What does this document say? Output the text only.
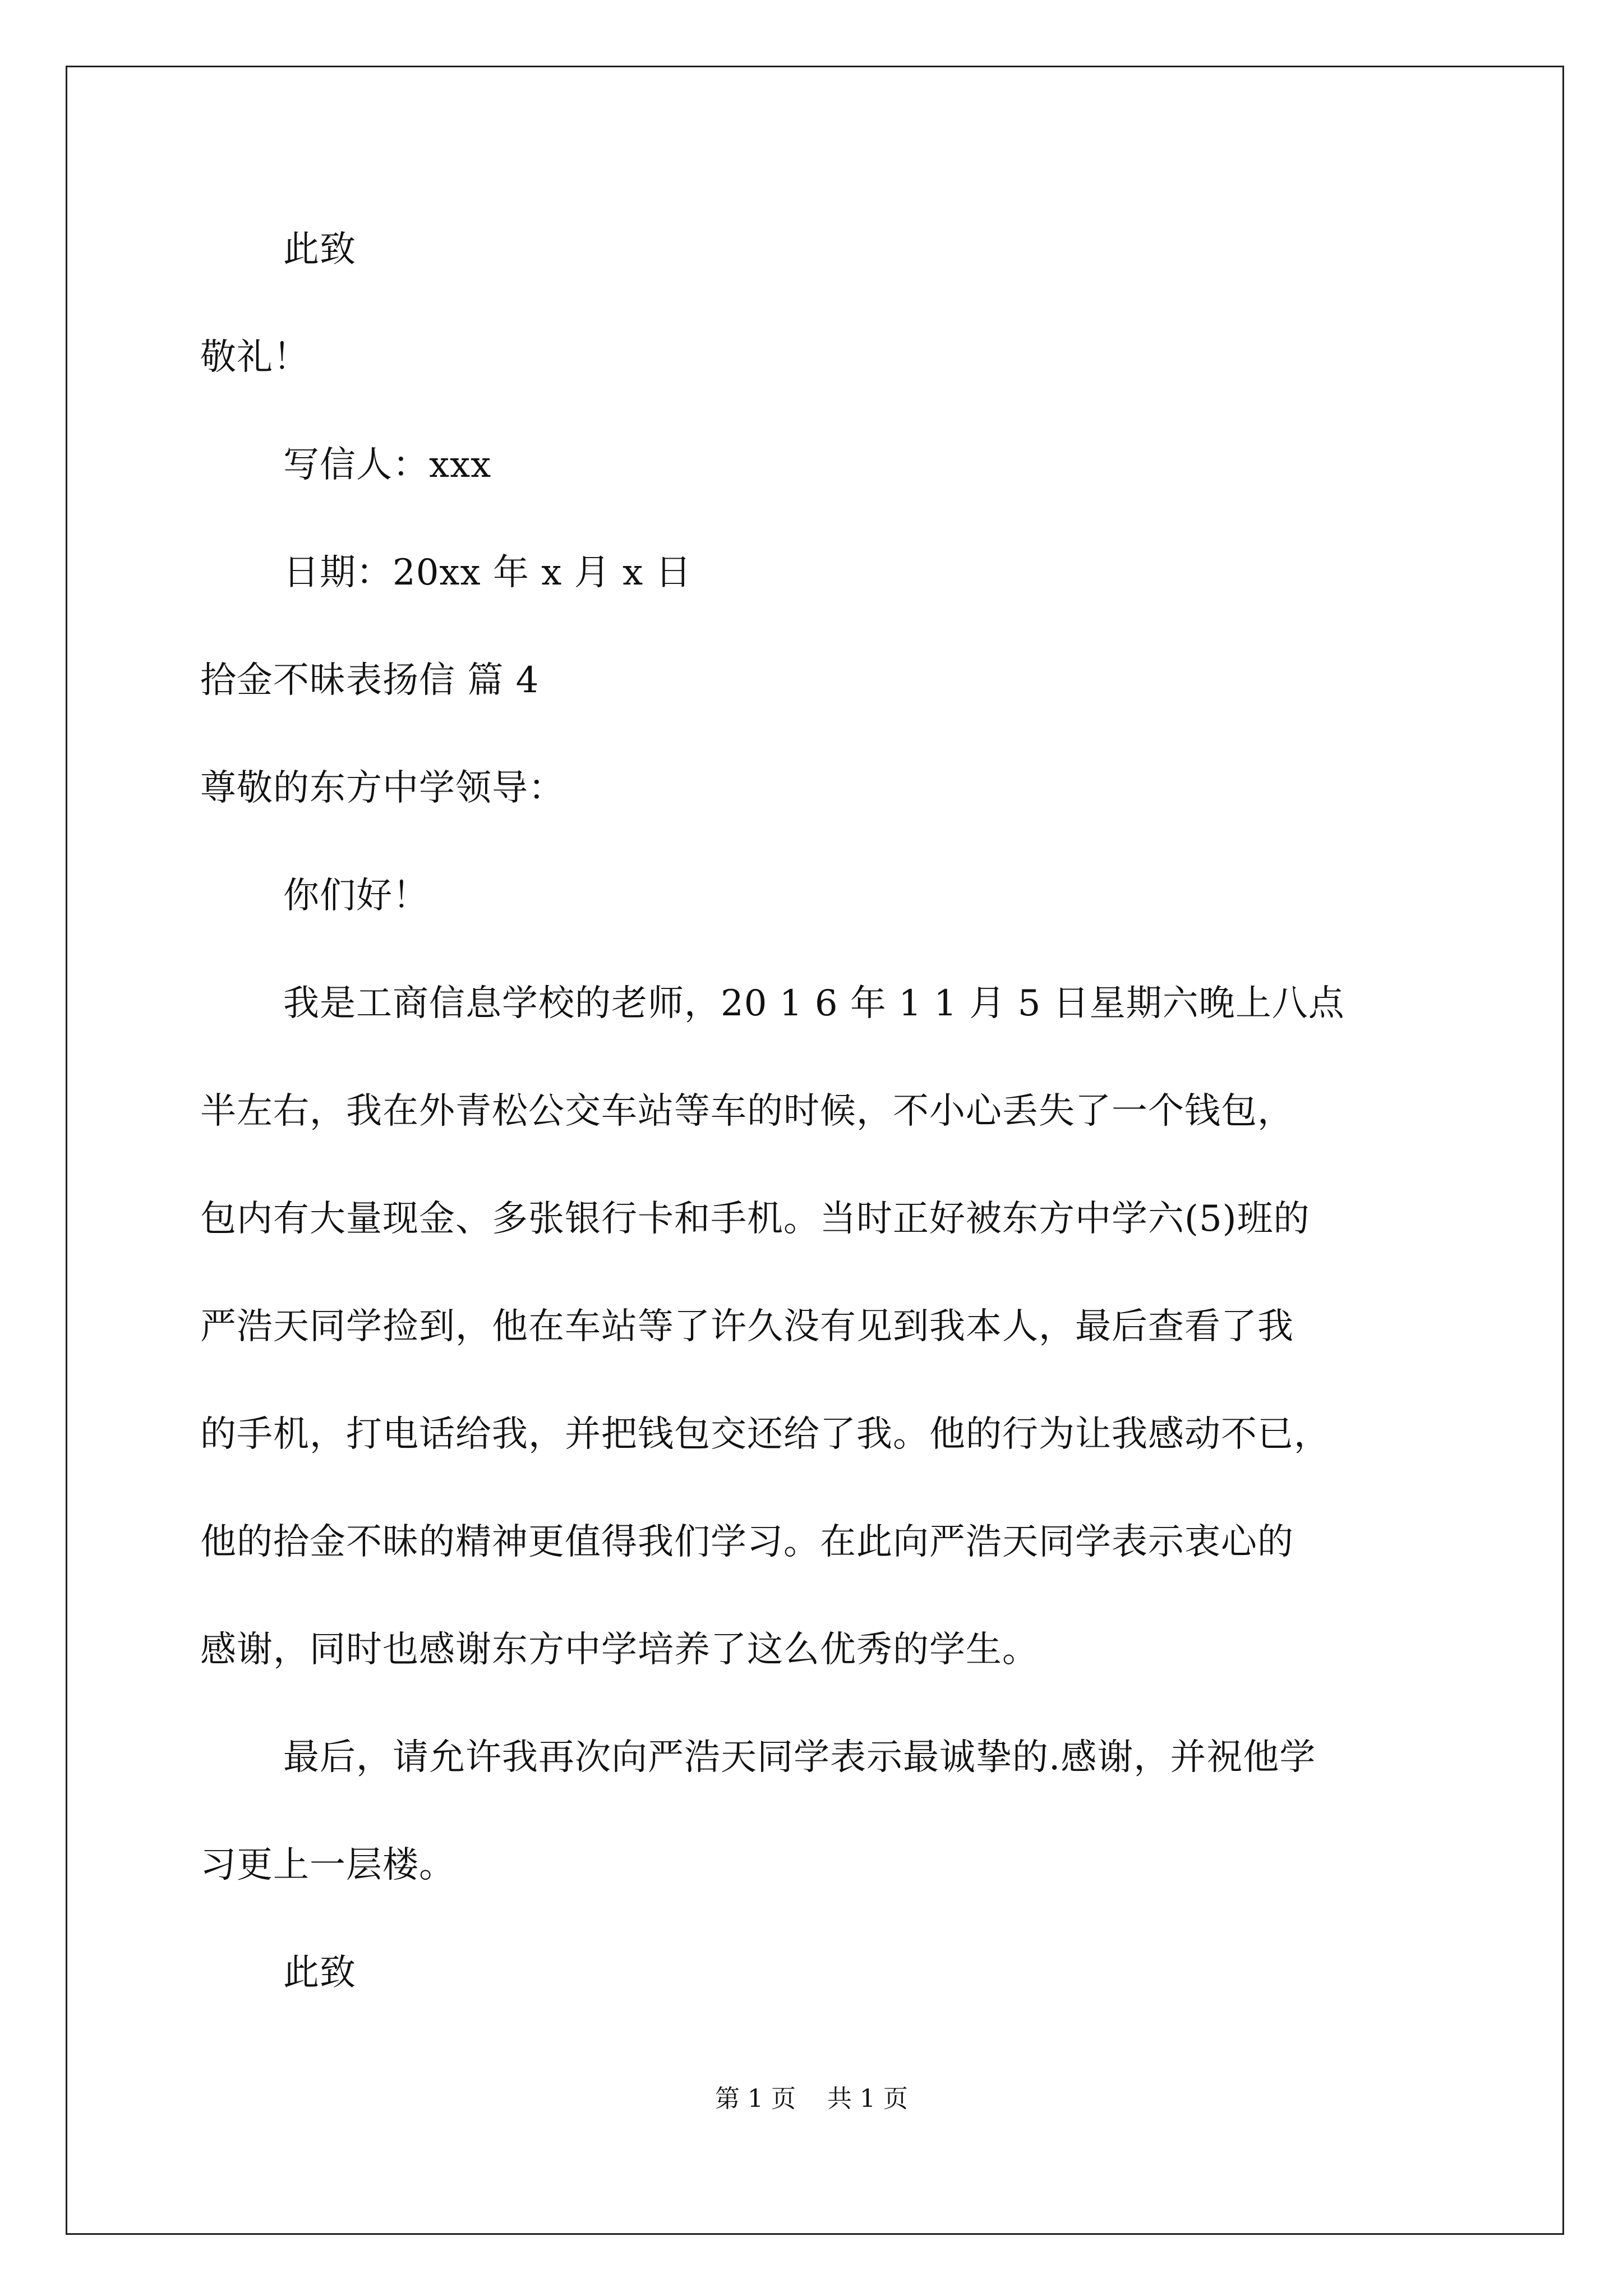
此致
敬礼！
写信人：xxx
日期：20xx 年 x 月 x 日
拾金不昧表扬信 篇 4
尊敬的东方中学领导：
你们好！
我是工商信息学校的老师，20 1 6 年 1 1 月 5 日星期六晚上八点
半左右，我在外青松公交车站等车的时候，不小心丢失了一个钱包，
包内有大量现金、多张银行卡和手机。当时正好被东方中学六(5)班的
严浩天同学捡到，他在车站等了许久没有见到我本人，最后查看了我
的手机，打电话给我，并把钱包交还给了我。他的行为让我感动不已，
他的拾金不昧的精神更值得我们学习。在此向严浩天同学表示衷心的
感谢，同时也感谢东方中学培养了这么优秀的学生。
最后，请允许我再次向严浩天同学表示最诚挚的.感谢，并祝他学
习更上一层楼。
此致
第 1 页    共 1 页
